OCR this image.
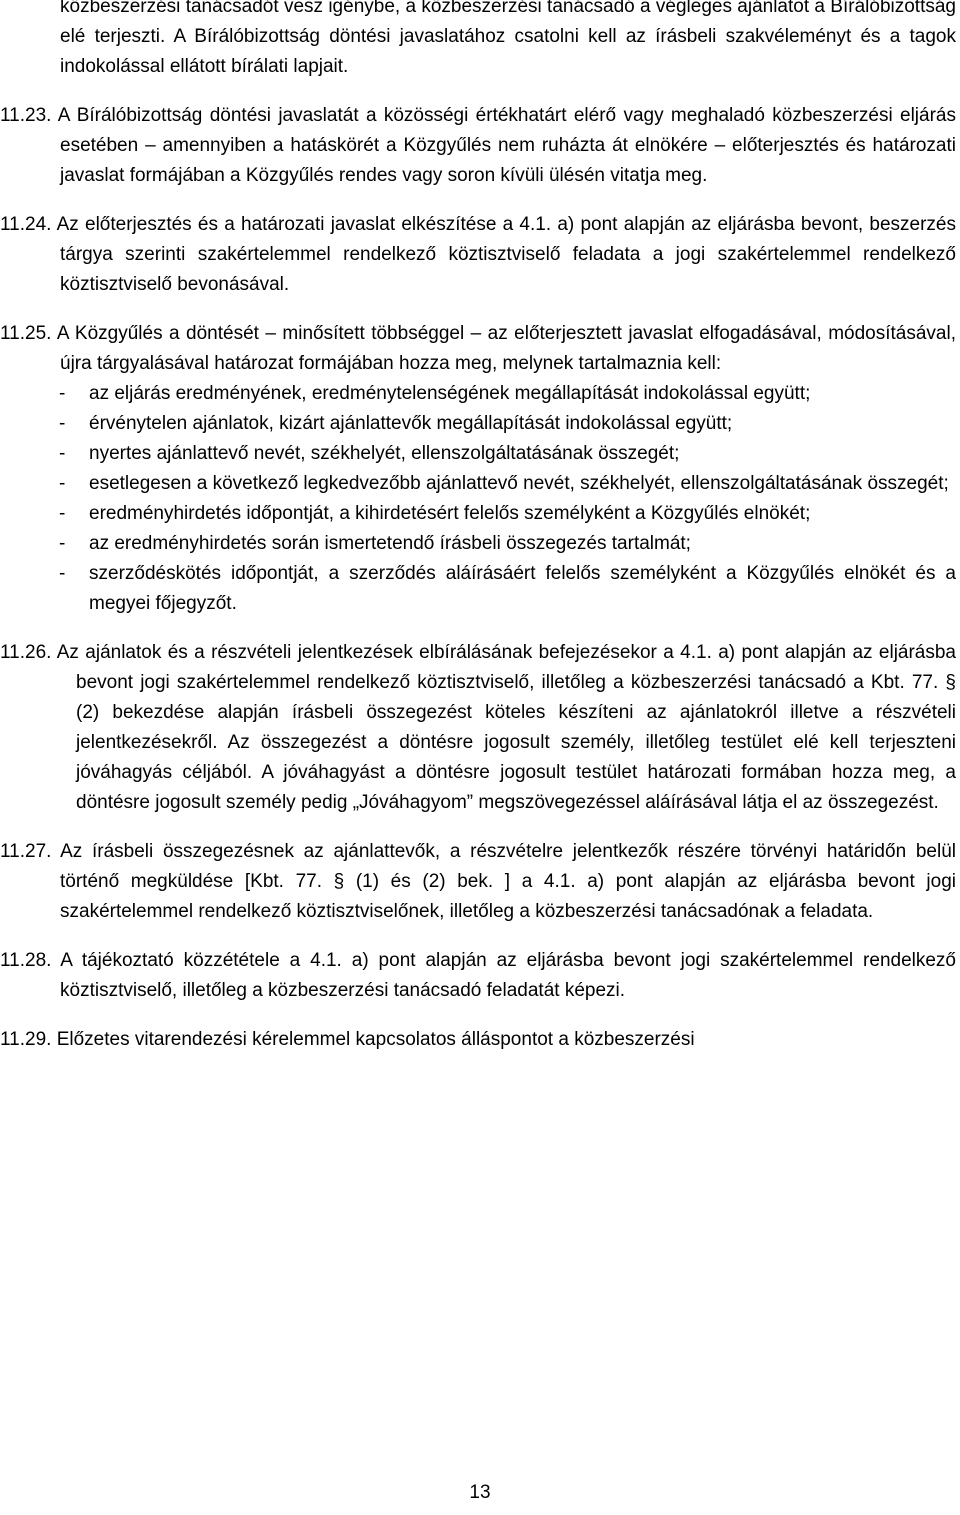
közbeszerzési tanácsadót vesz igénybe, a közbeszerzési tanácsadó a végleges ajánlatot a Bírálóbizottság elé terjeszti. A Bírálóbizottság döntési javaslatához csatolni kell az írásbeli szakvéleményt és a tagok indokolással ellátott bírálati lapjait.

11.23. A Bírálóbizottság döntési javaslatát a közösségi értékhatárt elérő vagy meghaladó közbeszerzési eljárás esetében – amennyiben a hatáskörét a Közgyűlés nem ruházta át elnökére – előterjesztés és határozati javaslat formájában a Közgyűlés rendes vagy soron kívüli ülésén vitatja meg.

11.24. Az előterjesztés és a határozati javaslat elkészítése a 4.1. a) pont alapján az eljárásba bevont, beszerzés tárgya szerinti szakértelemmel rendelkező köztisztviselő feladata a jogi szakértelemmel rendelkező köztisztviselő bevonásával.

11.25. A Közgyűlés a döntését – minősített többséggel – az előterjesztett javaslat elfogadásával, módosításával, újra tárgyalásával határozat formájában hozza meg, melynek tartalmaznia kell:

- az eljárás eredményének, eredménytelenségének megállapítását indokolással együtt;
- érvénytelen ajánlatok, kizárt ajánlattevők megállapítását indokolással együtt;
- nyertes ajánlattevő nevét, székhelyét, ellenszolgáltatásának összegét;
- esetlegesen a következő legkedvezőbb ajánlattevő nevét, székhelyét, ellenszolgáltatásának összegét;
- eredményhirdetés időpontját, a kihirdetésért felelős személyként a Közgyűlés elnökét;
- az eredményhirdetés során ismertetendő írásbeli összegezés tartalmát;
- szerződéskötés időpontját, a szerződés aláírásáért felelős személyként a Közgyűlés elnökét és a megyei főjegyzőt.

11.26. Az ajánlatok és a részvételi jelentkezések elbírálásának befejezésekor a 4.1. a) pont alapján az eljárásba bevont jogi szakértelemmel rendelkező köztisztviselő, illetőleg a közbeszerzési tanácsadó a Kbt. 77. § (2) bekezdése alapján írásbeli összegezést köteles készíteni az ajánlatokról illetve a részvételi jelentkezésekről. Az összegezést a döntésre jogosult személy, illetőleg testület elé kell terjeszteni jóváhagyás céljából. A jóváhagyást a döntésre jogosult testület határozati formában hozza meg, a döntésre jogosult személy pedig „Jóváhagyom” megszövegezéssel aláírásával látja el az összegezést.

11.27. Az írásbeli összegezésnek az ajánlattevők, a részvételre jelentkezők részére törvényi határidőn belül történő megküldése [Kbt. 77. § (1) és (2) bek. ] a 4.1. a) pont alapján az eljárásba bevont jogi szakértelemmel rendelkező köztisztviselőnek, illetőleg a közbeszerzési tanácsadónak a feladata.

11.28. A tájékoztató közzététele a 4.1. a) pont alapján az eljárásba bevont jogi szakértelemmel rendelkező köztisztviselő, illetőleg a közbeszerzési tanácsadó feladatát képezi.

11.29. Előzetes vitarendezési kérelemmel kapcsolatos álláspontot a közbeszerzési

13
